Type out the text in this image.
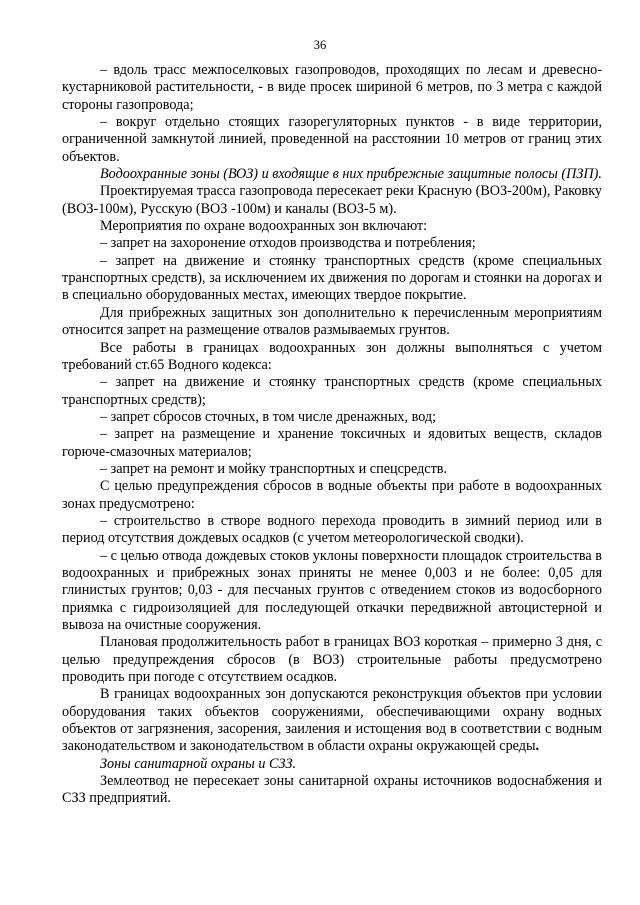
36

– вдоль трасс межпоселковых газопроводов, проходящих по лесам и древесно-кустарниковой растительности, - в виде просек шириной 6 метров, по 3 метра с каждой стороны газопровода;

– вокруг отдельно стоящих газорегуляторных пунктов - в виде территории, ограниченной замкнутой линией, проведенной на расстоянии 10 метров от границ этих объектов.

Водоохранные зоны (ВОЗ) и входящие в них прибрежные защитные полосы (ПЗП).

Проектируемая трасса газопровода пересекает реки Красную (ВОЗ-200м), Раковку (ВОЗ-100м), Русскую (ВОЗ -100м) и каналы (ВОЗ-5 м).

Мероприятия по охране водоохранных зон включают:

– запрет на захоронение отходов производства и потребления;

– запрет на движение и стоянку транспортных средств (кроме специальных транспортных средств), за исключением их движения по дорогам и стоянки на дорогах и в специально оборудованных местах, имеющих твердое покрытие.

Для прибрежных защитных зон дополнительно к перечисленным мероприятиям относится запрет на размещение отвалов размываемых грунтов.

Все работы в границах водоохранных зон должны выполняться с учетом требований ст.65 Водного кодекса:

– запрет на движение и стоянку транспортных средств (кроме специальных транспортных средств);

– запрет сбросов сточных, в том числе дренажных, вод;

– запрет на размещение и хранение токсичных и ядовитых веществ, складов горюче-смазочных материалов;

– запрет на ремонт и мойку транспортных и спецсредств.

С целью предупреждения сбросов в водные объекты при работе в водоохранных зонах предусмотрено:

– строительство в створе водного перехода проводить в зимний период или в период отсутствия дождевых осадков (с учетом метеорологической сводки).

– с целью отвода дождевых стоков уклоны поверхности площадок строительства в водоохранных и прибрежных зонах приняты не менее 0,003 и не более: 0,05 для глинистых грунтов; 0,03 - для песчаных грунтов с отведением стоков из водосборного приямка с гидроизоляцией для последующей откачки передвижной автоцистерной и вывоза на очистные сооружения.

Плановая продолжительность работ в границах ВОЗ короткая – примерно 3 дня, с целью предупреждения сбросов (в ВОЗ) строительные работы предусмотрено проводить при погоде с отсутствием осадков.

В границах водоохранных зон допускаются реконструкция объектов при условии оборудования таких объектов сооружениями, обеспечивающими охрану водных объектов от загрязнения, засорения, заиления и истощения вод в соответствии с водным законодательством и законодательством в области охраны окружающей среды.

Зоны санитарной охраны и СЗЗ.

Землеотвод не пересекает зоны санитарной охраны источников водоснабжения и СЗЗ предприятий.
